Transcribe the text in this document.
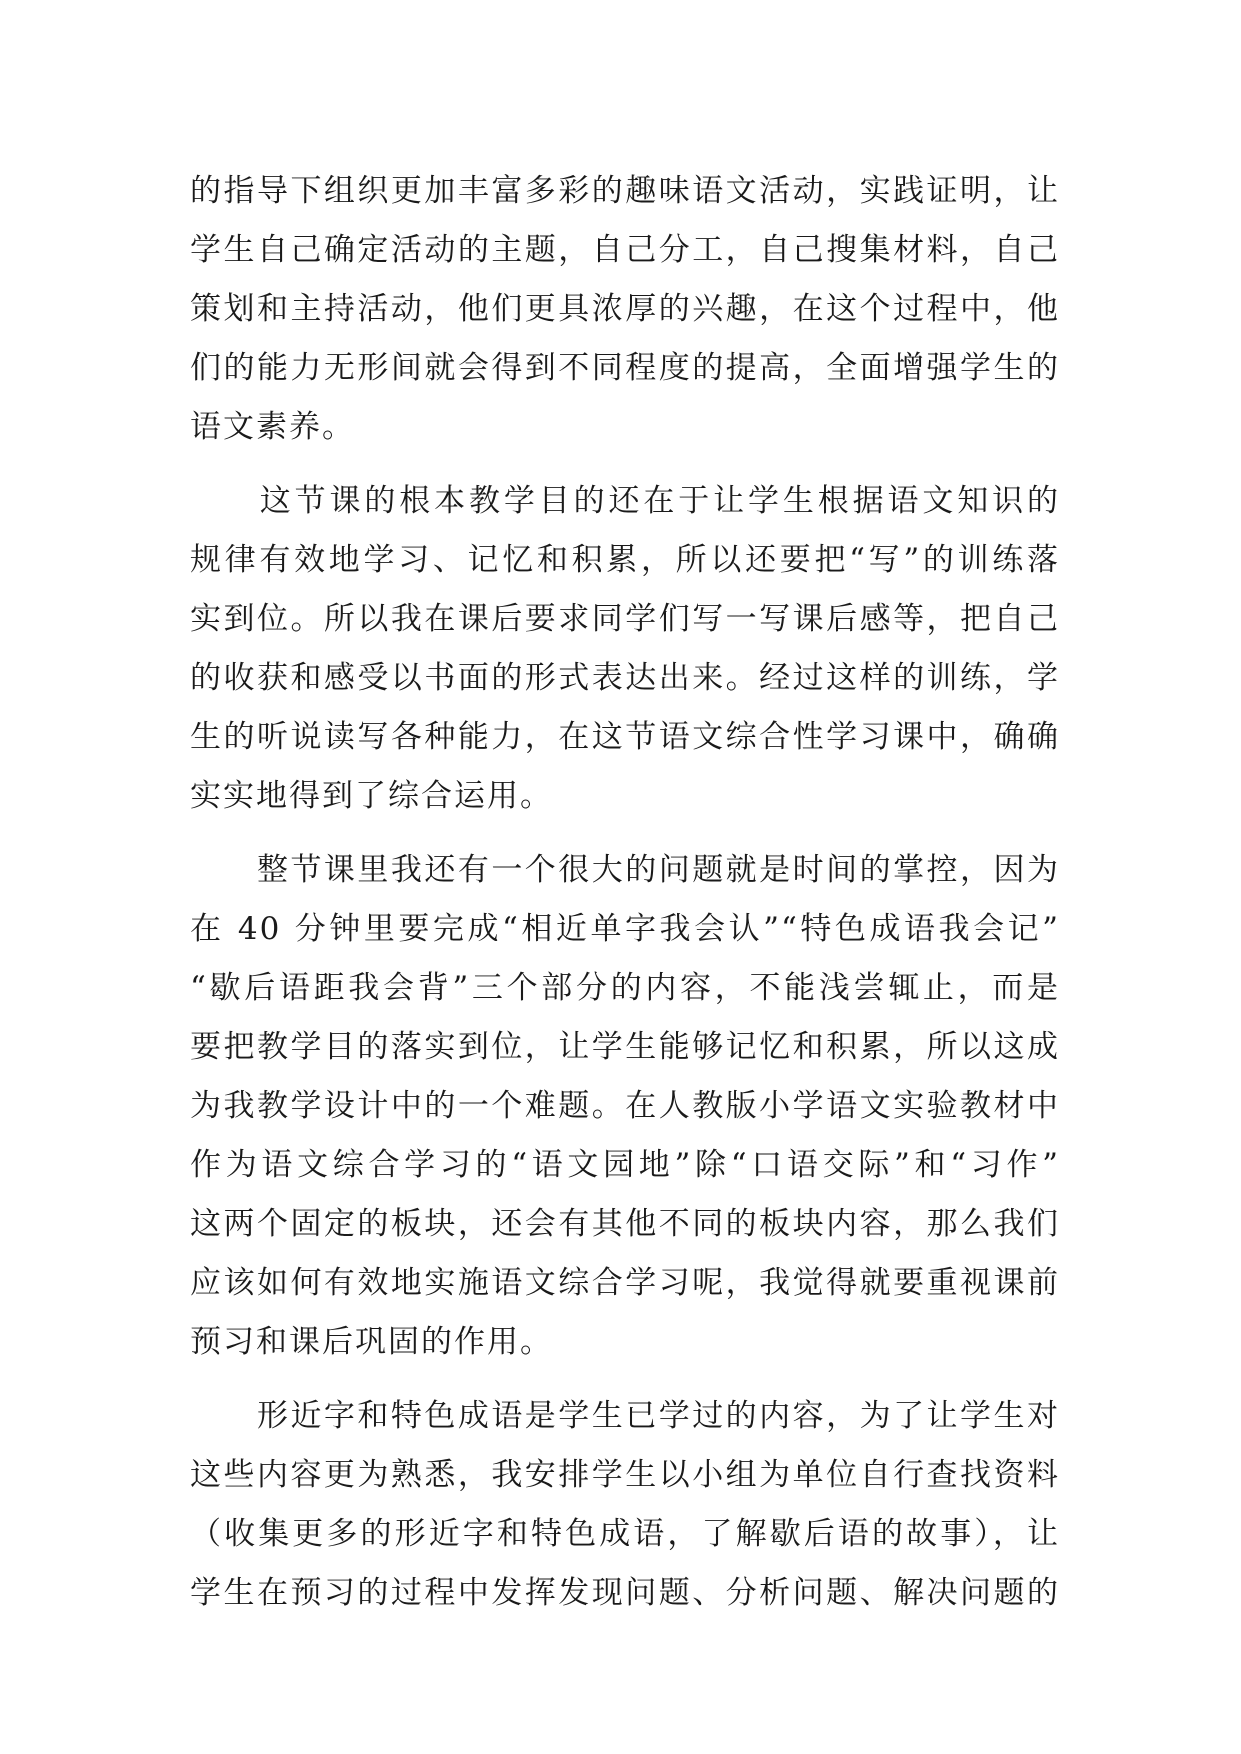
的指导下组织更加丰富多彩的趣味语文活动，实践证明，让
学生自己确定活动的主题，自己分工，自己搜集材料，自己
策划和主持活动，他们更具浓厚的兴趣，在这个过程中，他
们的能力无形间就会得到不同程度的提高，全面增强学生的
语文素养。
　　这节课的根本教学目的还在于让学生根据语文知识的
规律有效地学习、记忆和积累，所以还要把“写”的训练落
实到位。所以我在课后要求同学们写一写课后感等，把自己
的收获和感受以书面的形式表达出来。经过这样的训练，学
生的听说读写各种能力，在这节语文综合性学习课中，确确
实实地得到了综合运用。
　　整节课里我还有一个很大的问题就是时间的掌控，因为
在 40 分钟里要完成“相近单字我会认”“特色成语我会记”
“歇后语距我会背”三个部分的内容，不能浅尝辄止，而是
要把教学目的落实到位，让学生能够记忆和积累，所以这成
为我教学设计中的一个难题。在人教版小学语文实验教材中
作为语文综合学习的“语文园地”除“口语交际”和“习作”
这两个固定的板块，还会有其他不同的板块内容，那么我们
应该如何有效地实施语文综合学习呢，我觉得就要重视课前
预习和课后巩固的作用。
　　形近字和特色成语是学生已学过的内容，为了让学生对
这些内容更为熟悉，我安排学生以小组为单位自行查找资料
（收集更多的形近字和特色成语，了解歇后语的故事），让
学生在预习的过程中发挥发现问题、分析问题、解决问题的
